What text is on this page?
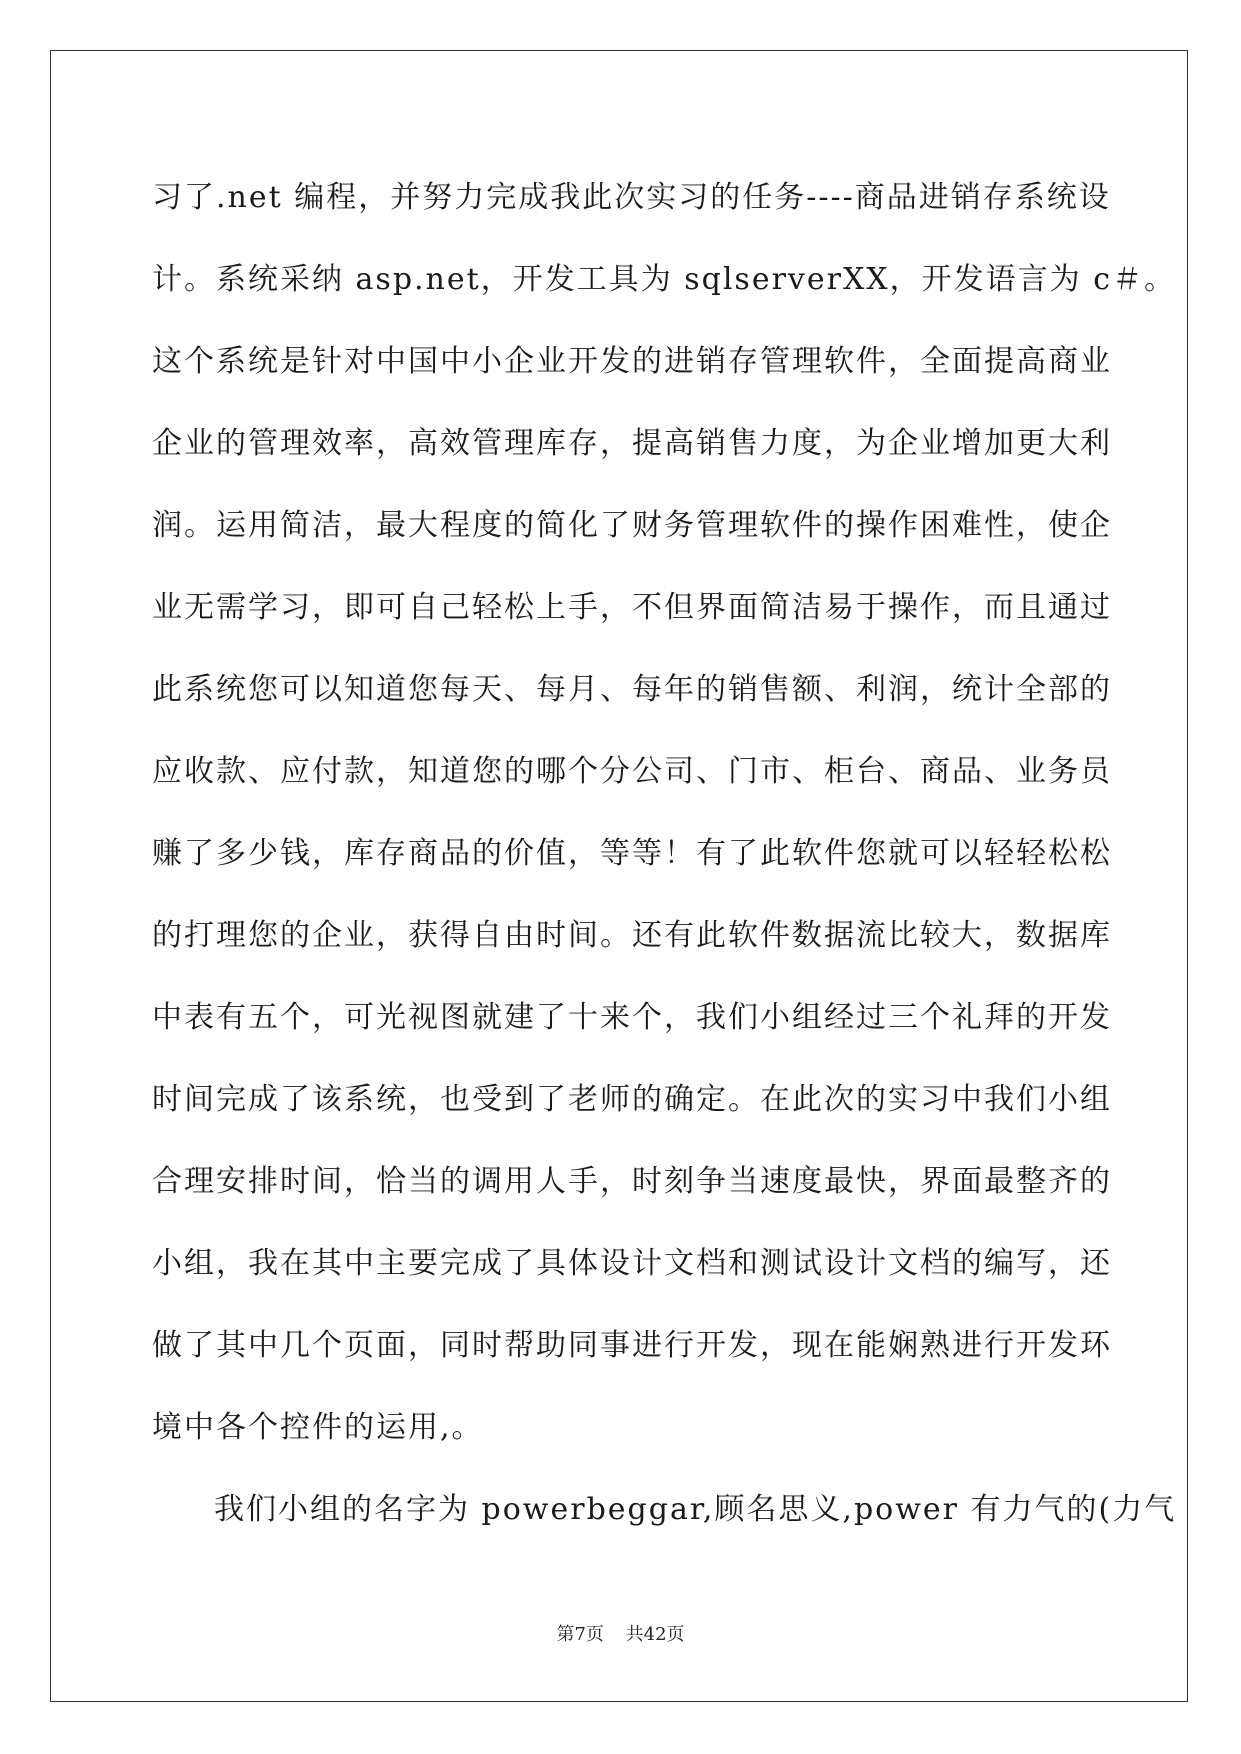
习了.net 编程，并努力完成我此次实习的任务----商品进销存系统设

计。系统采纳 asp.net，开发工具为 sqlserverXX，开发语言为 c＃。

这个系统是针对中国中小企业开发的进销存管理软件，全面提高商业

企业的管理效率，高效管理库存，提高销售力度，为企业增加更大利

润。运用简洁，最大程度的简化了财务管理软件的操作困难性，使企

业无需学习，即可自己轻松上手，不但界面简洁易于操作，而且通过

此系统您可以知道您每天、每月、每年的销售额、利润，统计全部的

应收款、应付款，知道您的哪个分公司、门市、柜台、商品、业务员

赚了多少钱，库存商品的价值，等等！有了此软件您就可以轻轻松松

的打理您的企业，获得自由时间。还有此软件数据流比较大，数据库

中表有五个，可光视图就建了十来个，我们小组经过三个礼拜的开发

时间完成了该系统，也受到了老师的确定。在此次的实习中我们小组

合理安排时间，恰当的调用人手，时刻争当速度最快，界面最整齐的

小组，我在其中主要完成了具体设计文档和测试设计文档的编写，还

做了其中几个页面，同时帮助同事进行开发，现在能娴熟进行开发环

境中各个控件的运用,。

我们小组的名字为 powerbeggar,顾名思义,power 有力气的(力气

第7页 共42页
